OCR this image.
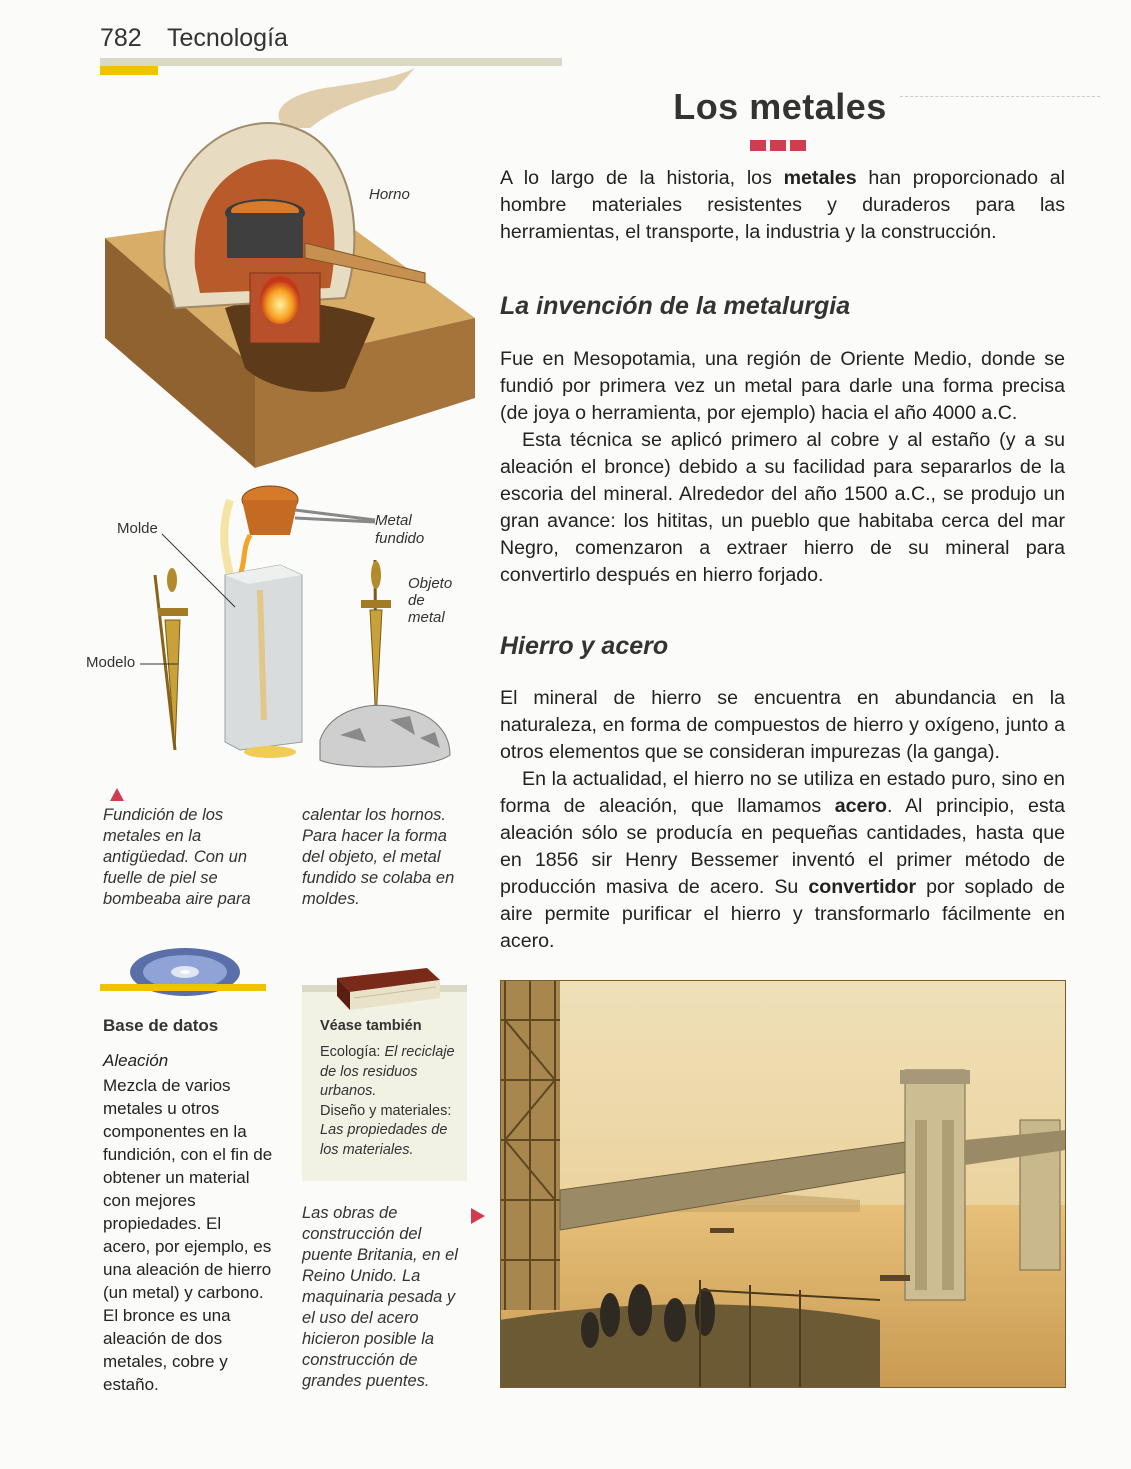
782 Tecnología
Los metales

A lo largo de la historia, los metales han proporcionado al hombre materiales resistentes y duraderos para las herramientas, el transporte, la industria y la construcción.

La invención de la metalurgia

Fue en Mesopotamia, una región de Oriente Medio, donde se fundió por primera vez un metal para darle una forma precisa (de joya o herramienta, por ejemplo) hacia el año 4000 a.C.

Esta técnica se aplicó primero al cobre y al estaño (y a su aleación el bronce) debido a su facilidad para separarlos de la escoria del mineral. Alrededor del año 1500 a.C., se produjo un gran avance: los hititas, un pueblo que habitaba cerca del mar Negro, comenzaron a extraer hierro de su mineral para convertirlo después en hierro forjado.

Hierro y acero

El mineral de hierro se encuentra en abundancia en la naturaleza, en forma de compuestos de hierro y oxígeno, junto a otros elementos que se consideran impurezas (la ganga).

En la actualidad, el hierro no se utiliza en estado puro, sino en forma de aleación, que llamamos acero. Al principio, esta aleación sólo se producía en pequeñas cantidades, hasta que en 1856 sir Henry Bessemer inventó el primer método de producción masiva de acero. Su convertidor por soplado de aire permite purificar el hierro y transformarlo fácilmente en acero.

Horno
Molde	Metal
fundido
Objeto
de
metal
Modelo
Fundición de los metales en la antigüedad. Con un fuelle de piel se bombeaba aire para
calentar los hornos. Para hacer la forma del objeto, el metal fundido se colaba en moldes.
Base de datos
Aleación
Mezcla de varios metales u otros componentes en la fundición, con el fin de obtener un material con mejores propiedades. El acero, por ejemplo, es una aleación de hierro (un metal) y carbono. El bronce es una aleación de dos metales, cobre y estaño.
Véase también
Ecología: El reciclaje de los residuos urbanos.
Diseño y materiales: Las propiedades de los materiales.
Las obras de construcción del puente Britania, en el Reino Unido. La maquinaria pesada y el uso del acero hicieron posible la construcción de grandes puentes.
